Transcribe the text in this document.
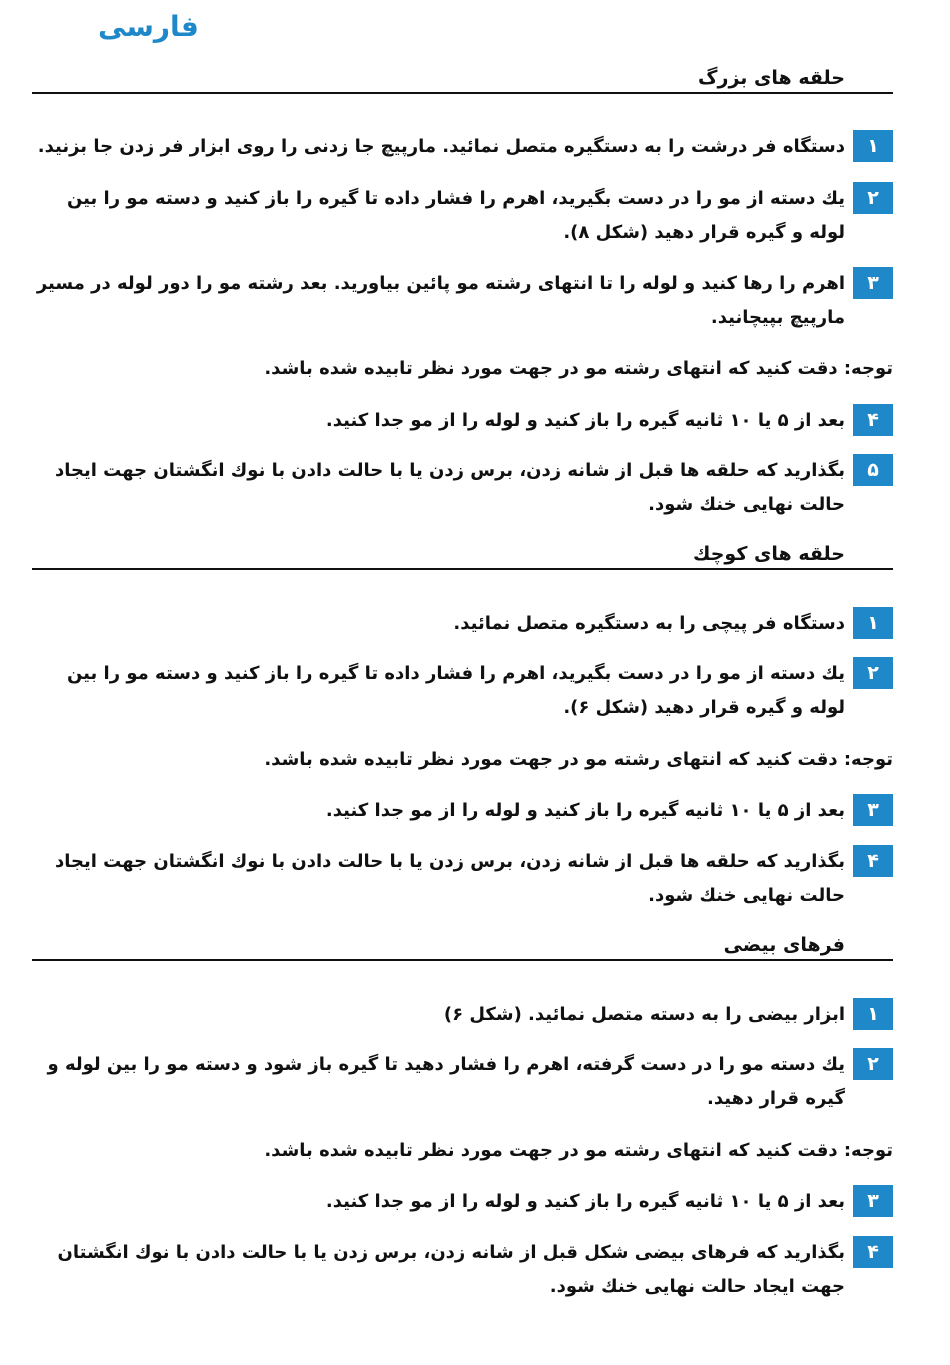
فارسی
حلقه های بزرگ
۱
دستگاه فر درشت را به دستگیره متصل نمائید. مارپیچ جا زدنی را روی ابزار فر زدن جا بزنید.
۲
یك دسته از مو را در دست بگیرید، اهرم را فشار داده تا گیره را باز كنید و دسته مو را بین لوله و گیره قرار دهید (شكل ۸).
۳
اهرم را رها كنید و لوله را تا انتهای رشته مو پائین بیاورید. بعد رشته مو را دور لوله در مسیر مارپیچ بپیچانید.
توجه: دقت كنید كه انتهای رشته مو در جهت مورد نظر تابیده شده باشد.
۴
بعد از ۵ یا ۱۰ ثانیه گیره را باز كنید و لوله را از مو جدا كنید.
۵
بگذارید كه حلقه ها قبل از شانه زدن، برس زدن یا با حالت دادن با نوك انگشتان جهت ایجاد حالت نهایی خنك شود.
حلقه های كوچك
۱
دستگاه فر پیچی را به دستگیره متصل نمائید.
۲
یك دسته از مو را در دست بگیرید، اهرم را فشار داده تا گیره را باز كنید و دسته مو را بین لوله و گیره قرار دهید (شكل ۶).
توجه: دقت كنید كه انتهای رشته مو در جهت مورد نظر تابیده شده باشد.
۳
بعد از ۵ یا ۱۰ ثانیه گیره را باز كنید و لوله را از مو جدا كنید.
۴
بگذارید كه حلقه ها قبل از شانه زدن، برس زدن یا با حالت دادن با نوك انگشتان جهت ایجاد حالت نهایی خنك شود.
فرهای بیضی
۱
ابزار بیضی را به دسته متصل نمائید. (شكل ۶)
۲
یك دسته مو را در دست گرفته، اهرم را فشار دهید تا گیره باز شود و دسته مو را بین لوله و گیره قرار دهید.
توجه: دقت كنید كه انتهای رشته مو در جهت مورد نظر تابیده شده باشد.
۳
بعد از ۵ یا ۱۰ ثانیه گیره را باز كنید و لوله را از مو جدا كنید.
۴
بگذارید كه فرهای بیضی شكل قبل از شانه زدن، برس زدن یا با حالت دادن با نوك انگشتان جهت ایجاد حالت نهایی خنك شود.
